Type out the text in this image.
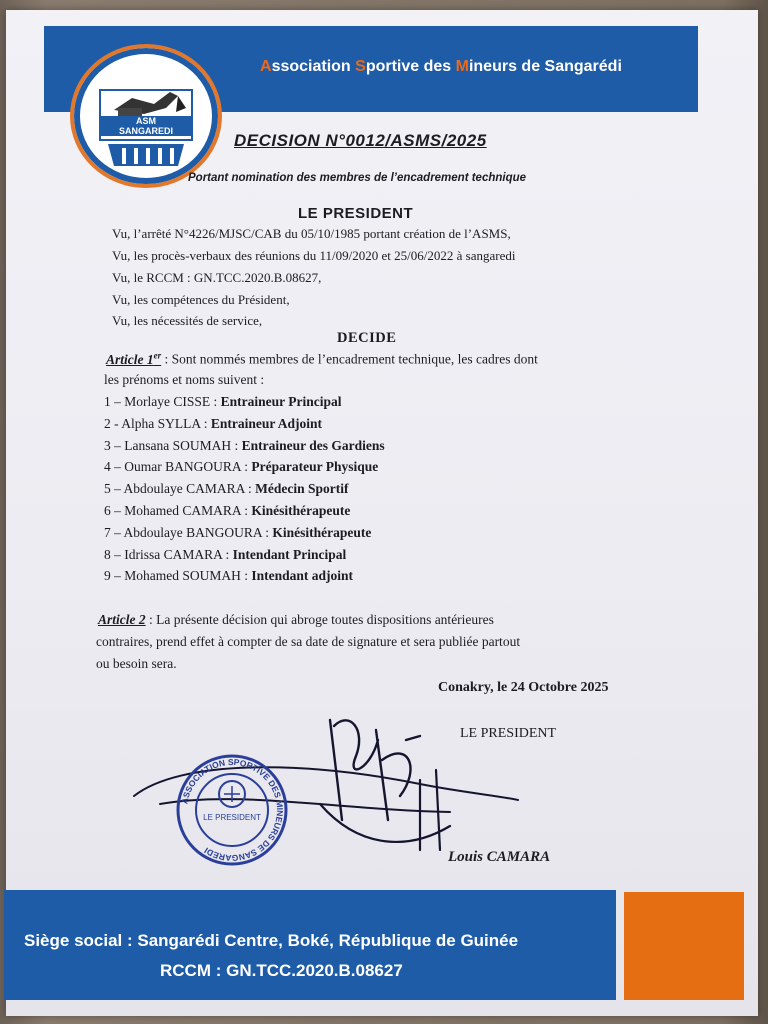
Association Sportive des Mineurs de Sangarédi
ASM
SANGAREDI	DECISION N°0012/ASMS/2025
Portant nomination des membres de l’encadrement technique
LE PRESIDENT
Vu, l’arrêté N°4226/MJSC/CAB du 05/10/1985 portant création de l’ASMS,
Vu, les procès-verbaux des réunions du 11/09/2020 et 25/06/2022 à sangaredi
Vu, le RCCM : GN.TCC.2020.B.08627,
Vu, les compétences du Président,
Vu, les nécessités de service,
DECIDE
Article 1er : Sont nommés membres de l’encadrement technique, les cadres dont
les prénoms et noms suivent :
1 – Morlaye CISSE : Entraineur Principal
2 - Alpha SYLLA : Entraineur Adjoint
3 – Lansana SOUMAH : Entraineur des Gardiens
4 – Oumar BANGOURA : Préparateur Physique
5 – Abdoulaye CAMARA : Médecin Sportif
6 – Mohamed CAMARA : Kinésithérapeute
7 – Abdoulaye BANGOURA : Kinésithérapeute
8 – Idrissa CAMARA : Intendant Principal
9 – Mohamed SOUMAH : Intendant adjoint
Article 2 : La présente décision qui abroge toutes dispositions antérieures
contraires, prend effet à compter de sa date de signature et sera publiée partout
ou besoin sera.
Conakry, le 24 Octobre 2025
LE PRESIDENT
ASSOCIATION SPORTIVE DES MINEURS DE SANGAREDI
LE PRESIDENT
Louis CAMARA
Siège social : Sangarédi Centre, Boké, République de Guinée
RCCM : GN.TCC.2020.B.08627
